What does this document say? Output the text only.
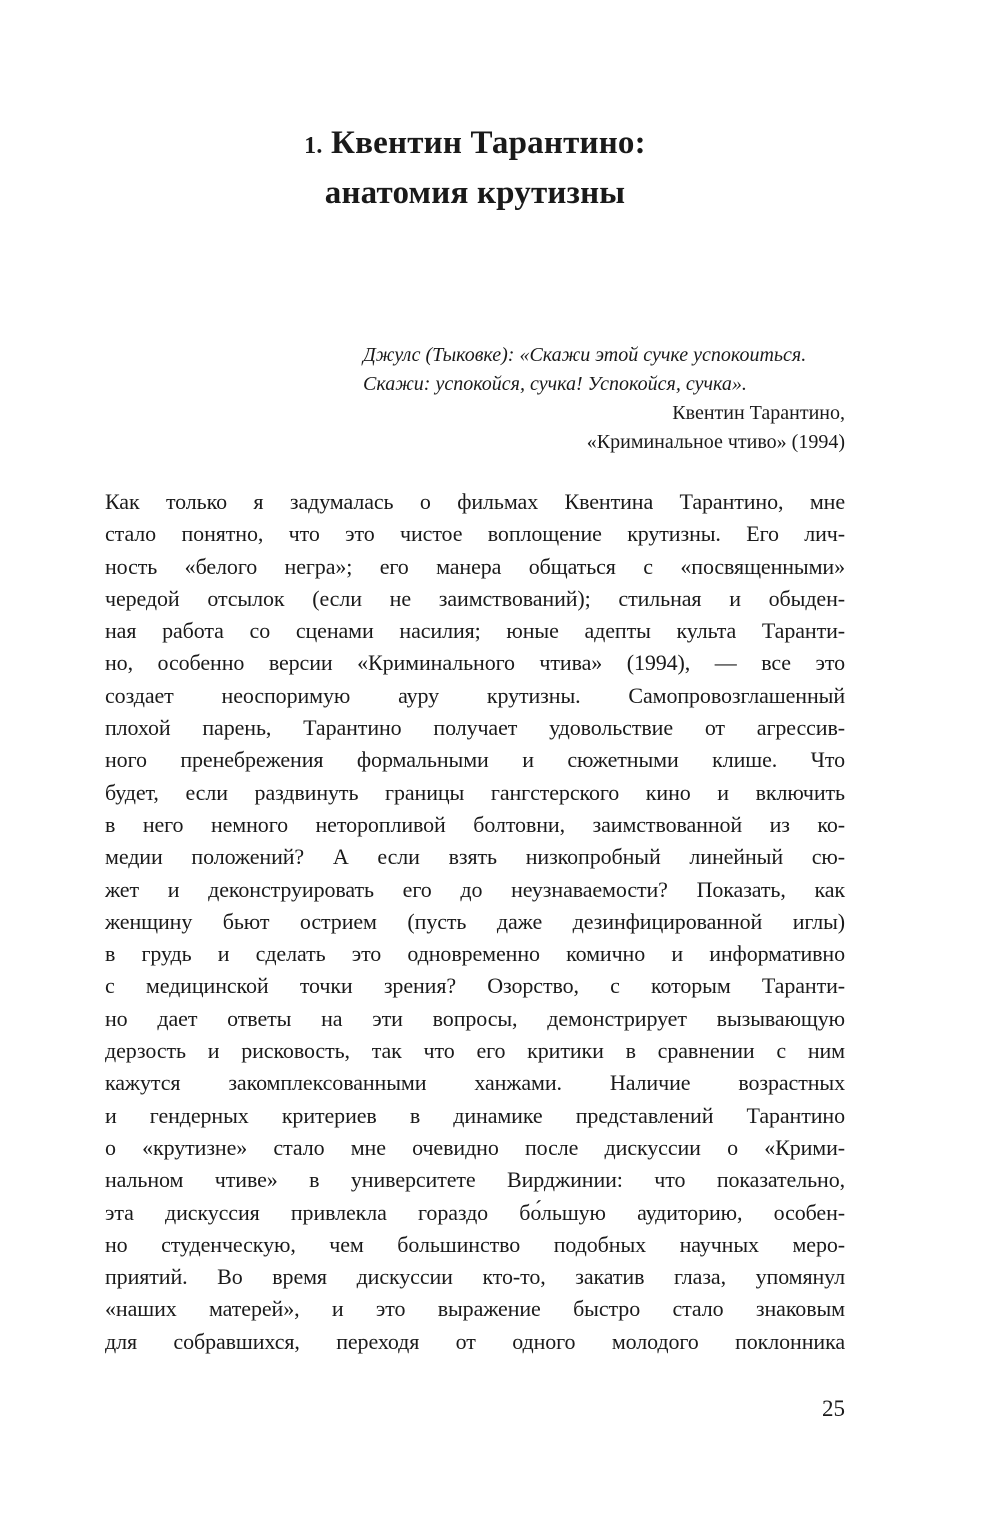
1. Квентин Тарантино:
анатомия крутизны
Джулс (Тыковке): «Скажи этой сучке успокоиться.
Скажи: успокойся, сучка! Успокойся, сучка».
Квентин Тарантино,
«Криминальное чтиво» (1994)
Как только я задумалась о фильмах Квентина Тарантино, мне
стало понятно, что это чистое воплощение крутизны. Его лич-
ность «белого негра»; его манера общаться с «посвященными»
чередой отсылок (если не заимствований); стильная и обыден-
ная работа со сценами насилия; юные адепты культа Таранти-
но, особенно версии «Криминального чтива» (1994), — все это
создает неоспоримую ауру крутизны. Самопровозглашенный
плохой парень, Тарантино получает удовольствие от агрессив-
ного пренебрежения формальными и сюжетными клише. Что
будет, если раздвинуть границы гангстерского кино и включить
в него немного неторопливой болтовни, заимствованной из ко-
медии положений? А если взять низкопробный линейный сю-
жет и деконструировать его до неузнаваемости? Показать, как
женщину бьют острием (пусть даже дезинфицированной иглы)
в грудь и сделать это одновременно комично и информативно
с медицинской точки зрения? Озорство, с которым Таранти-
но дает ответы на эти вопросы, демонстрирует вызывающую
дерзость и рисковость, так что его критики в сравнении с ним
кажутся закомплексованными ханжами. Наличие возрастных
и гендерных критериев в динамике представлений Тарантино
о «крутизне» стало мне очевидно после дискуссии о «Крими-
нальном чтиве» в университете Вирджинии: что показательно,
эта дискуссия привлекла гораздо бо́льшую аудиторию, особен-
но студенческую, чем большинство подобных научных меро-
приятий. Во время дискуссии кто-то, закатив глаза, упомянул
«наших матерей», и это выражение быстро стало знаковым
для собравшихся, переходя от одного молодого поклонника
25
